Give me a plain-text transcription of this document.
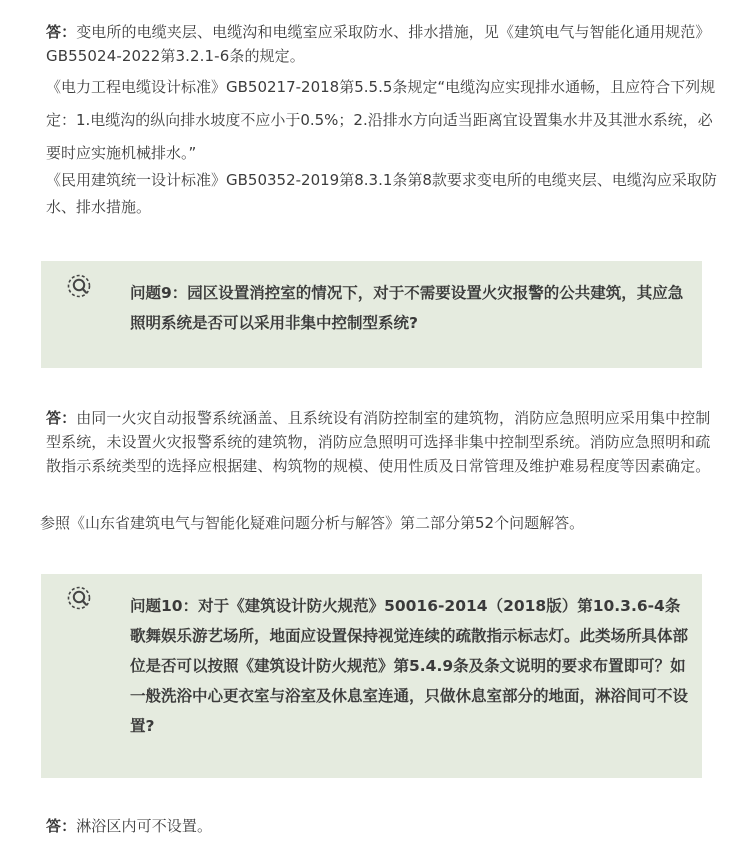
答：变电所的电缆夹层、电缆沟和电缆室应采取防水、排水措施，见《建筑电气与智能化通用规范》GB55024-2022第3.2.1-6条的规定。
《电力工程电缆设计标准》GB50217-2018第5.5.5条规定“电缆沟应实现排水通畅，且应符合下列规定：1.电缆沟的纵向排水坡度不应小于0.5%；2.沿排水方向适当距离宜设置集水井及其泄水系统，必要时应实施机械排水。”
《民用建筑统一设计标准》GB50352-2019第8.3.1条第8款要求变电所的电缆夹层、电缆沟应采取防水、排水措施。
问题9：园区设置消控室的情况下，对于不需要设置火灾报警的公共建筑，其应急照明系统是否可以采用非集中控制型系统?
答：由同一火灾自动报警系统涵盖、且系统设有消防控制室的建筑物，消防应急照明应采用集中控制型系统，未设置火灾报警系统的建筑物，消防应急照明可选择非集中控制型系统。消防应急照明和疏散指示系统类型的选择应根据建、构筑物的规模、使用性质及日常管理及维护难易程度等因素确定。
参照《山东省建筑电气与智能化疑难问题分析与解答》第二部分第52个问题解答。
问题10：对于《建筑设计防火规范》50016-2014（2018版）第10.3.6-4条歌舞娱乐游艺场所，地面应设置保持视觉连续的疏散指示标志灯。此类场所具体部位是否可以按照《建筑设计防火规范》第5.4.9条及条文说明的要求布置即可？如一般洗浴中心更衣室与浴室及休息室连通，只做休息室部分的地面，淋浴间可不设置?
答：淋浴区内可不设置。
